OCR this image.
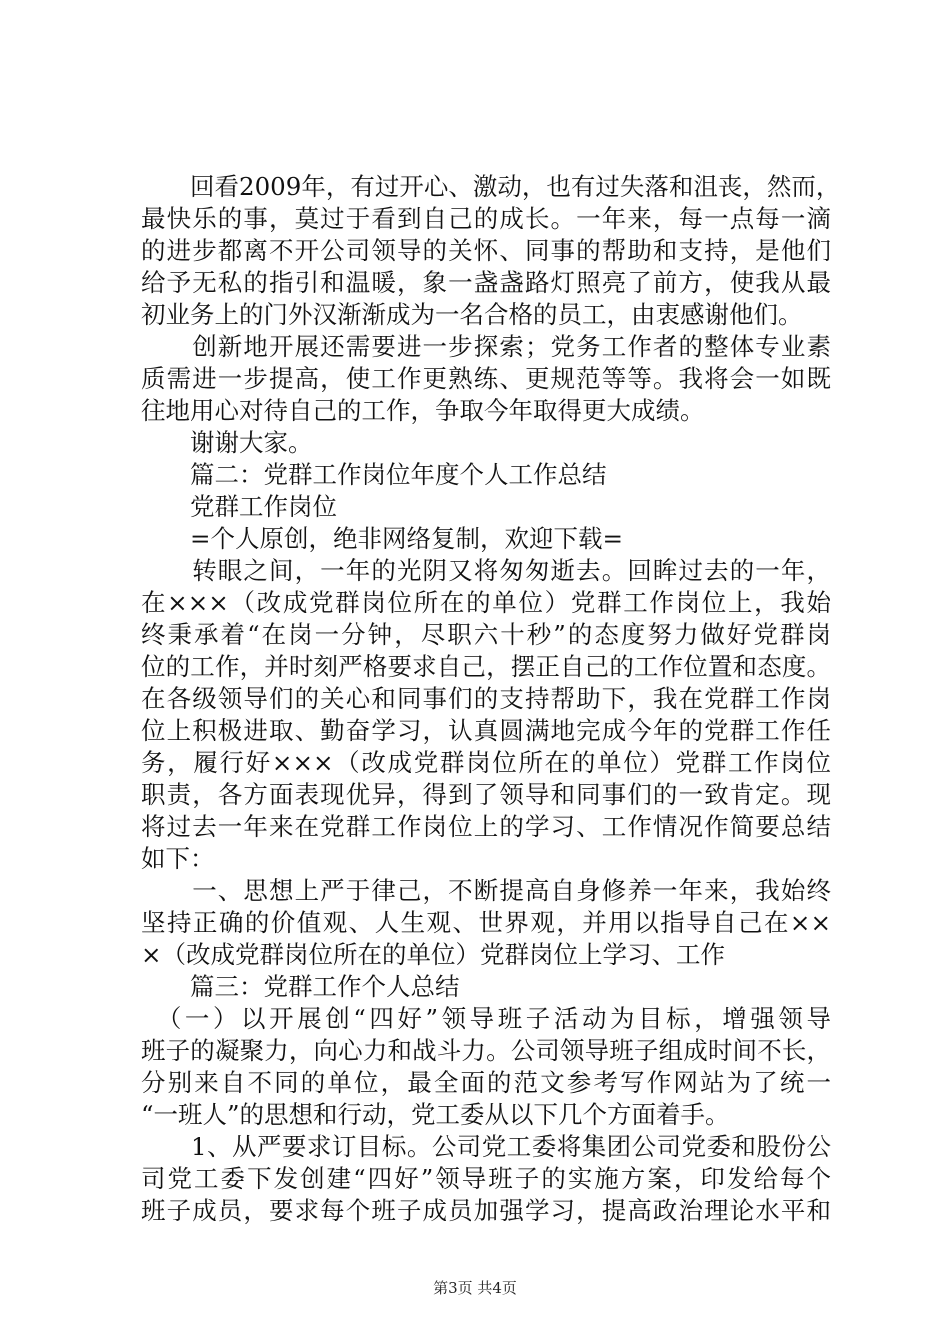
　　回看2009年，有过开心、激动，也有过失落和沮丧，然而，
最快乐的事，莫过于看到自己的成长。一年来，每一点每一滴
的进步都离不开公司领导的关怀、同事的帮助和支持，是他们
给予无私的指引和温暖，象一盏盏路灯照亮了前方，使我从最
初业务上的门外汉渐渐成为一名合格的员工，由衷感谢他们。
　　创新地开展还需要进一步探索；党务工作者的整体专业素
质需进一步提高，使工作更熟练、更规范等等。我将会一如既
往地用心对待自己的工作，争取今年取得更大成绩。
　　谢谢大家。
　　篇二：党群工作岗位年度个人工作总结
　　党群工作岗位
　　=个人原创，绝非网络复制，欢迎下载=
　　转眼之间，一年的光阴又将匆匆逝去。回眸过去的一年，
在×××（改成党群岗位所在的单位）党群工作岗位上，我始
终秉承着“在岗一分钟，尽职六十秒”的态度努力做好党群岗
位的工作，并时刻严格要求自己，摆正自己的工作位置和态度。
在各级领导们的关心和同事们的支持帮助下，我在党群工作岗
位上积极进取、勤奋学习，认真圆满地完成今年的党群工作任
务，履行好×××（改成党群岗位所在的单位）党群工作岗位
职责，各方面表现优异，得到了领导和同事们的一致肯定。现
将过去一年来在党群工作岗位上的学习、工作情况作简要总结
如下：
　　一、思想上严于律己，不断提高自身修养一年来，我始终
坚持正确的价值观、人生观、世界观，并用以指导自己在××
×（改成党群岗位所在的单位）党群岗位上学习、工作
　　篇三：党群工作个人总结
　（一）以开展创“四好”领导班子活动为目标，增强领导
班子的凝聚力，向心力和战斗力。公司领导班子组成时间不长，
分别来自不同的单位，最全面的范文参考写作网站为了统一
“一班人”的思想和行动，党工委从以下几个方面着手。
　　1、从严要求订目标。公司党工委将集团公司党委和股份公
司党工委下发创建“四好”领导班子的实施方案，印发给每个
班子成员，要求每个班子成员加强学习，提高政治理论水平和
第3页 共4页
